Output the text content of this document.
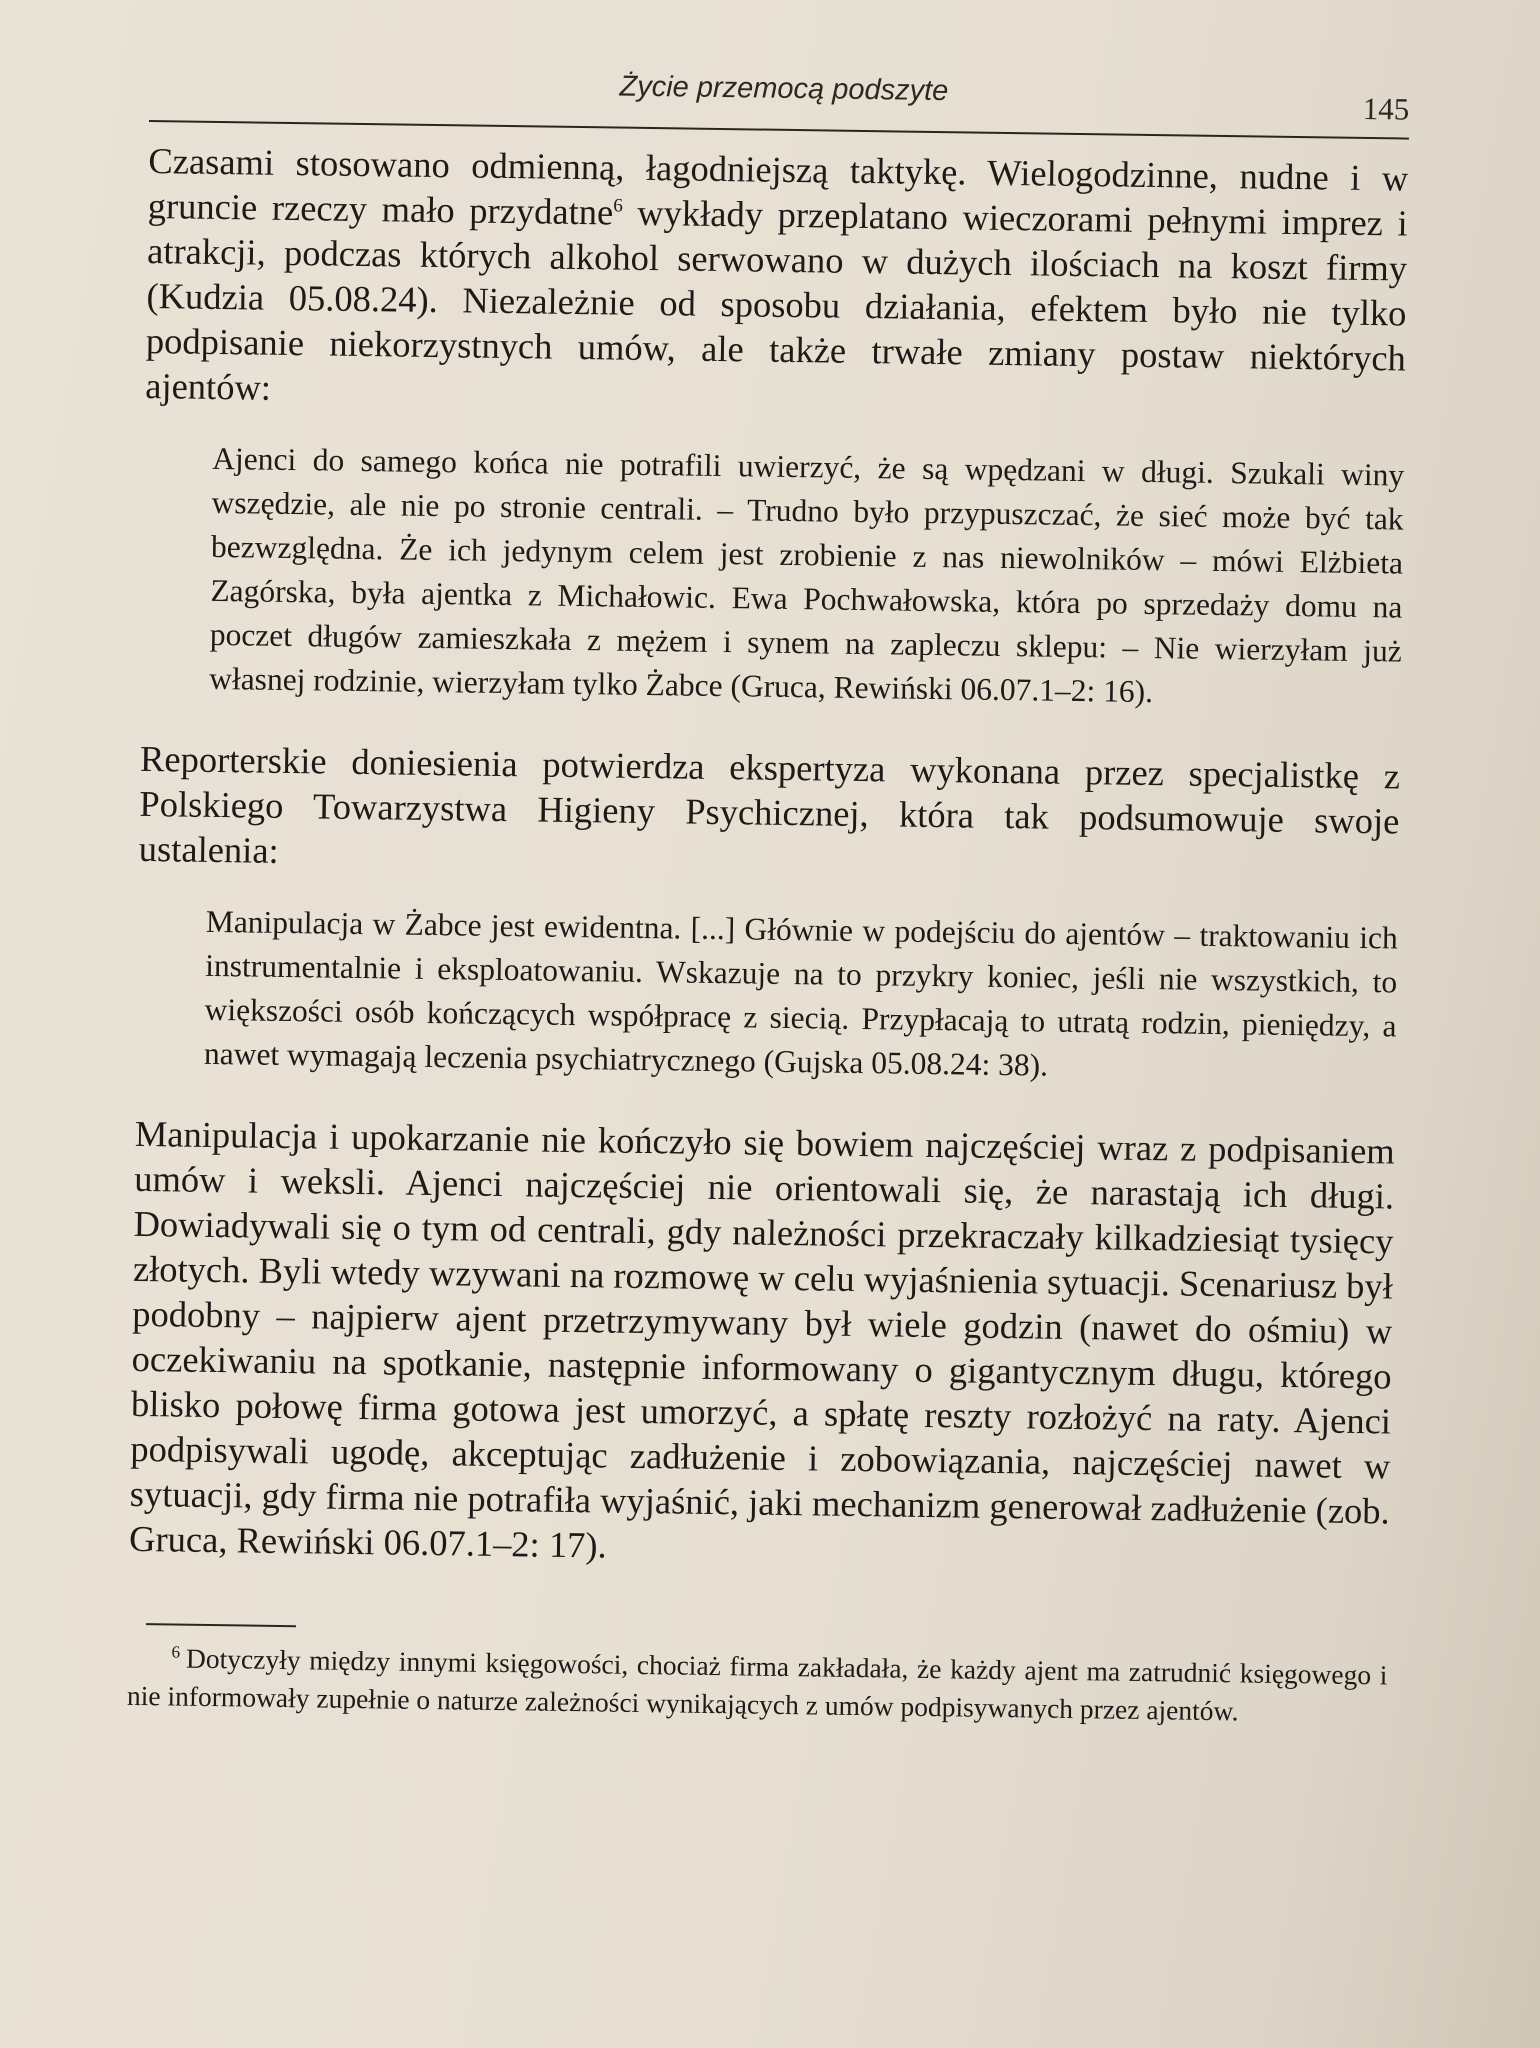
Życie przemocą podszyte
145

Czasami stosowano odmienną, łagodniejszą taktykę. Wielogodzinne, nudne i w gruncie rzeczy mało przydatne$^6$ wykłady przeplatano wieczorami pełnymi imprez i atrakcji, podczas których alkohol serwowano w dużych ilościach na koszt firmy (Kudzia 05.08.24). Niezależnie od sposobu działania, efektem było nie tylko podpisanie niekorzystnych umów, ale także trwałe zmiany postaw niektórych ajentów:

Ajenci do samego końca nie potrafili uwierzyć, że są wpędzani w długi. Szukali winy wszędzie, ale nie po stronie centrali. – Trudno było przypuszczać, że sieć może być tak bezwzględna. Że ich jedynym celem jest zrobienie z nas niewolników – mówi Elżbieta Zagórska, była ajentka z Michałowic. Ewa Pochwałowska, która po sprzedaży domu na poczet długów zamieszkała z mężem i synem na zapleczu sklepu: – Nie wierzyłam już własnej rodzinie, wierzyłam tylko Żabce (Gruca, Rewiński 06.07.1–2: 16).

Reporterskie doniesienia potwierdza ekspertyza wykonana przez specjalistkę z Polskiego Towarzystwa Higieny Psychicznej, która tak podsumowuje swoje ustalenia:

Manipulacja w Żabce jest ewidentna. [...] Głównie w podejściu do ajentów – traktowaniu ich instrumentalnie i eksploatowaniu. Wskazuje na to przykry koniec, jeśli nie wszystkich, to większości osób kończących współpracę z siecią. Przypłacają to utratą rodzin, pieniędzy, a nawet wymagają leczenia psychiatrycznego (Gujska 05.08.24: 38).

Manipulacja i upokarzanie nie kończyło się bowiem najczęściej wraz z podpisaniem umów i weksli. Ajenci najczęściej nie orientowali się, że narastają ich długi. Dowiadywali się o tym od centrali, gdy należności przekraczały kilkadziesiąt tysięcy złotych. Byli wtedy wzywani na rozmowę w celu wyjaśnienia sytuacji. Scenariusz był podobny – najpierw ajent przetrzymywany był wiele godzin (nawet do ośmiu) w oczekiwaniu na spotkanie, następnie informowany o gigantycznym długu, którego blisko połowę firma gotowa jest umorzyć, a spłatę reszty rozłożyć na raty. Ajenci podpisywali ugodę, akceptując zadłużenie i zobowiązania, najczęściej nawet w sytuacji, gdy firma nie potrafiła wyjaśnić, jaki mechanizm generował zadłużenie (zob. Gruca, Rewiński 06.07.1–2: 17).

$^6$ Dotyczyły między innymi księgowości, chociaż firma zakładała, że każdy ajent ma zatrudnić księgowego i nie informowały zupełnie o naturze zależności wynikających z umów podpisywanych przez ajentów.
